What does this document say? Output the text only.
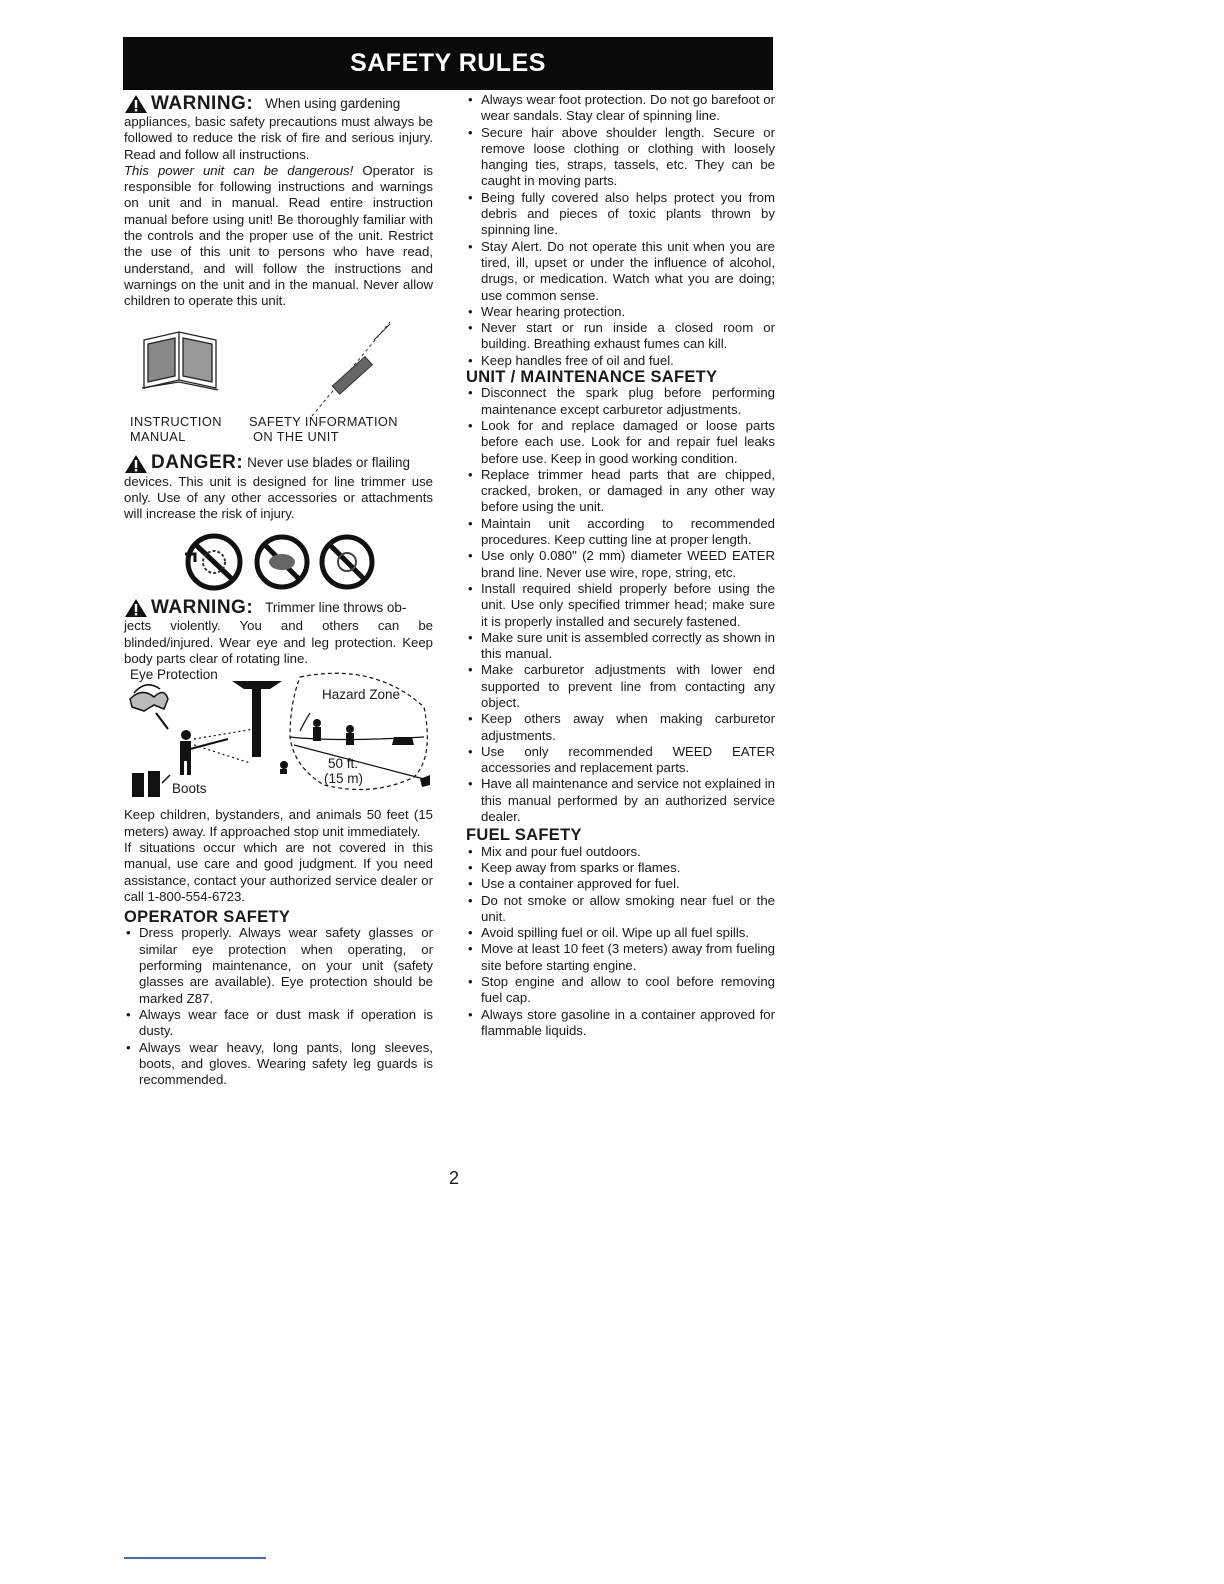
SAFETY RULES
WARNING: When using gardening

appliances, basic safety precautions must always be followed to reduce the risk of fire and serious injury. Read and follow all instructions.

This power unit can be dangerous! Operator is responsible for following instructions and warnings on unit and in manual. Read entire instruction manual before using unit! Be thoroughly familiar with the controls and the proper use of the unit. Restrict the use of this unit to persons who have read, understand, and will follow the instructions and warnings on the unit and in the manual. Never allow children to operate this unit.

INSTRUCTION
MANUAL
SAFETY INFORMATION
ON THE UNIT
DANGER: Never use blades or flailing

devices. This unit is designed for line trimmer use only. Use of any other accessories or attachments will increase the risk of injury.

WARNING: Trimmer line throws ob-

jects violently. You and others can be blinded/injured. Wear eye and leg protection. Keep body parts clear of rotating line.

Eye Protection
Hazard Zone
50 ft.
(15 m)
Boots

Keep children, bystanders, and animals 50 feet (15 meters) away. If approached stop unit immediately.

If situations occur which are not covered in this manual, use care and good judgment. If you need assistance, contact your authorized service dealer or call 1-800-554-6723.

OPERATOR SAFETY
• Dress properly. Always wear safety glasses or similar eye protection when operating, or performing maintenance, on your unit (safety glasses are available). Eye protection should be marked Z87.
• Always wear face or dust mask if operation is dusty.
• Always wear heavy, long pants, long sleeves, boots, and gloves. Wearing safety leg guards is recommended.
• Always wear foot protection. Do not go barefoot or wear sandals. Stay clear of spinning line.
• Secure hair above shoulder length. Secure or remove loose clothing or clothing with loosely hanging ties, straps, tassels, etc. They can be caught in moving parts.
• Being fully covered also helps protect you from debris and pieces of toxic plants thrown by spinning line.
• Stay Alert. Do not operate this unit when you are tired, ill, upset or under the influence of alcohol, drugs, or medication. Watch what you are doing; use common sense.
• Wear hearing protection.
• Never start or run inside a closed room or building. Breathing exhaust fumes can kill.
• Keep handles free of oil and fuel.
UNIT / MAINTENANCE SAFETY
• Disconnect the spark plug before performing maintenance except carburetor adjustments.
• Look for and replace damaged or loose parts before each use. Look for and repair fuel leaks before use. Keep in good working condition.
• Replace trimmer head parts that are chipped, cracked, broken, or damaged in any other way before using the unit.
• Maintain unit according to recommended procedures. Keep cutting line at proper length.
• Use only 0.080" (2 mm) diameter WEED EATER brand line. Never use wire, rope, string, etc.
• Install required shield properly before using the unit. Use only specified trimmer head; make sure it is properly installed and securely fastened.
• Make sure unit is assembled correctly as shown in this manual.
• Make carburetor adjustments with lower end supported to prevent line from contacting any object.
• Keep others away when making carburetor adjustments.
• Use only recommended WEED EATER accessories and replacement parts.
• Have all maintenance and service not explained in this manual performed by an authorized service dealer.
FUEL SAFETY
• Mix and pour fuel outdoors.
• Keep away from sparks or flames.
• Use a container approved for fuel.
• Do not smoke or allow smoking near fuel or the unit.
• Avoid spilling fuel or oil. Wipe up all fuel spills.
• Move at least 10 feet (3 meters) away from fueling site before starting engine.
• Stop engine and allow to cool before removing fuel cap.
• Always store gasoline in a container approved for flammable liquids.
2
